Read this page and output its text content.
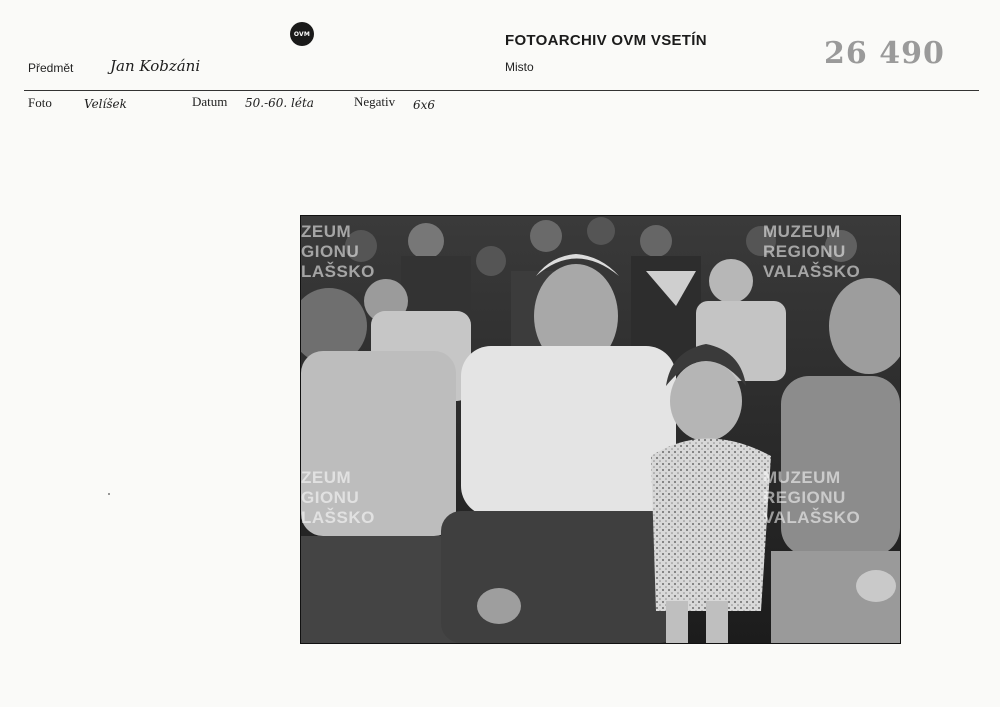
OVM	FOTOARCHIV OVM VSETÍN	26 490
Předmět Jan Kobzáni	Misto
Foto	Velíšek	Datum 50.-60. léta	Negativ 6x6
ZEUM
GIONU
LAŠSKO
MUZEUM
REGIONU
VALAŠSKO
ZEUM
GIONU
LAŠSKO
MUZEUM
REGIONU
VALAŠSKO
